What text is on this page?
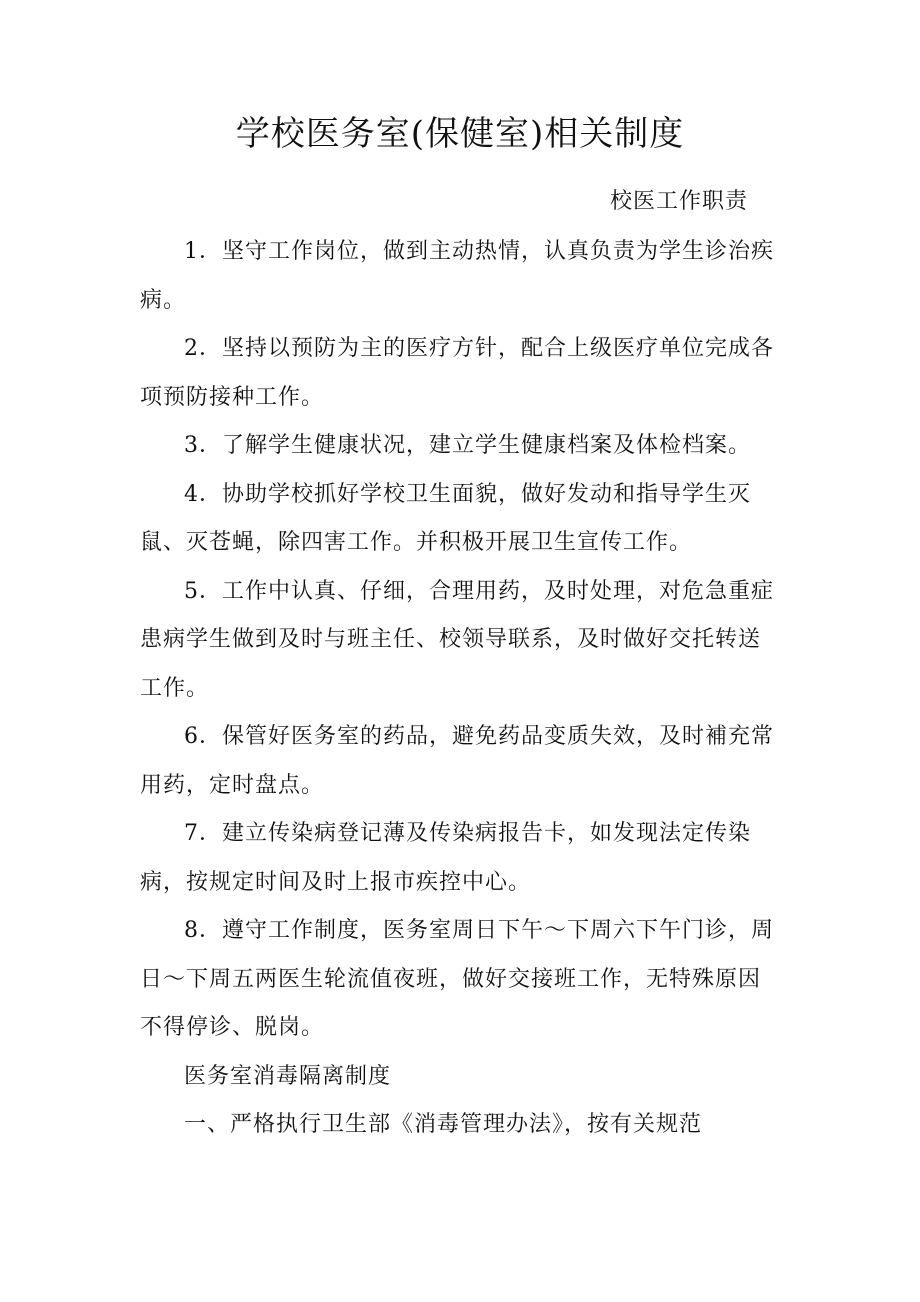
学校医务室(保健室)相关制度
校医工作职责

1．坚守工作岗位，做到主动热情，认真负责为学生诊治疾病。

2．坚持以预防为主的医疗方针，配合上级医疗单位完成各项预防接种工作。

3．了解学生健康状况，建立学生健康档案及体检档案。

4．协助学校抓好学校卫生面貌，做好发动和指导学生灭鼠、灭苍蝇，除四害工作。并积极开展卫生宣传工作。

5．工作中认真、仔细，合理用药，及时处理，对危急重症患病学生做到及时与班主任、校领导联系，及时做好交托转送工作。

6．保管好医务室的药品，避免药品变质失效，及时補充常用药，定时盘点。

7．建立传染病登记薄及传染病报告卡，如发现法定传染病，按规定时间及时上报市疾控中心。

8．遵守工作制度，医务室周日下午～下周六下午门诊，周日～下周五两医生轮流值夜班，做好交接班工作，无特殊原因不得停诊、脱岗。

医务室消毒隔离制度

一、严格执行卫生部《消毒管理办法》，按有关规范
